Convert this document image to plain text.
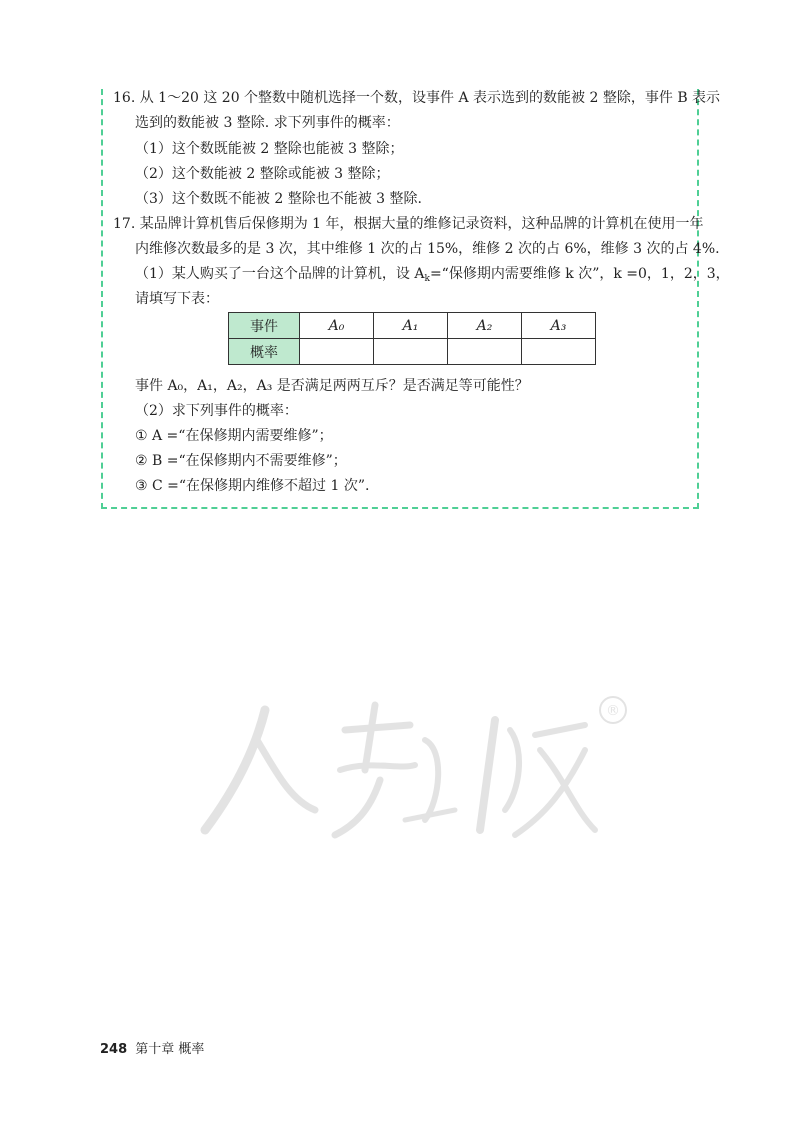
16. 从 1～20 这 20 个整数中随机选择一个数，设事件 A 表示选到的数能被 2 整除，事件 B 表示
选到的数能被 3 整除. 求下列事件的概率：
（1）这个数既能被 2 整除也能被 3 整除；
（2）这个数能被 2 整除或能被 3 整除；
（3）这个数既不能被 2 整除也不能被 3 整除.
17. 某品牌计算机售后保修期为 1 年，根据大量的维修记录资料，这种品牌的计算机在使用一年
内维修次数最多的是 3 次，其中维修 1 次的占 15%，维修 2 次的占 6%，维修 3 次的占 4%.
（1）某人购买了一台这个品牌的计算机，设 $A_k=“$保修期内需要维修 k 次”，k =0，1，2，3，
请填写下表：
事件	A₀	A₁	A₂	A₃
概率				
事件 A₀，A₁，A₂，A₃ 是否满足两两互斥？是否满足等可能性？
（2）求下列事件的概率：
① A =“在保修期内需要维修”；
② B =“在保修期内不需要维修”；
③ C =“在保修期内维修不超过 1 次”.
®
248 第十章 概率
